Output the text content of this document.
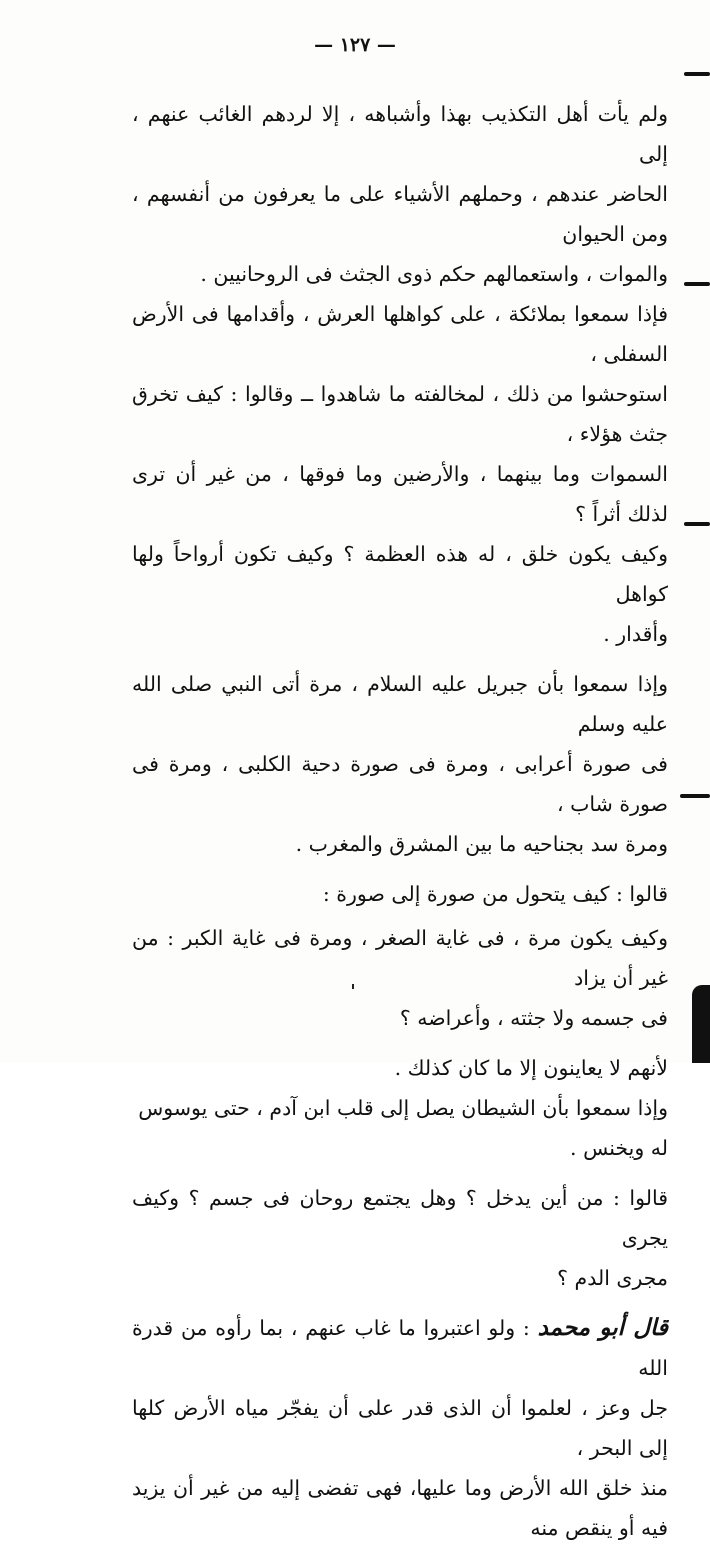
— ١٢٧ —

ولم يأت أهل التكذيب بهذا وأشباهه ، إلا لردهم الغائب عنهم ، إلى
الحاضر عندهم ، وحملهم الأشياء على ما يعرفون من أنفسهم ، ومن الحيوان
والموات ، واستعمالهم حكم ذوى الجثث فى الروحانيين .

فإذا سمعوا بملائكة ، على كواهلها العرش ، وأقدامها فى الأرض السفلى ،
استوحشوا من ذلك ، لمخالفته ما شاهدوا ــ وقالوا : كيف تخرق جثث هؤلاء ،
السموات وما بينهما ، والأرضين وما فوقها ، من غير أن ترى لذلك أثراً ؟

وكيف يكون خلق ، له هذه العظمة ؟ وكيف تكون أرواحاً ولها كواهل
وأقدار .

وإذا سمعوا بأن جبريل عليه السلام ، مرة أتى النبي صلى الله عليه وسلم
فى صورة أعرابى ، ومرة فى صورة دحية الكلبى ، ومرة فى صورة شاب ،
ومرة سد بجناحيه ما بين المشرق والمغرب .

قالوا : كيف يتحول من صورة إلى صورة :

وكيف يكون مرة ، فى غاية الصغر ، ومرة فى غاية الكبر : من غير أن يزاد
فى جسمه ولا جثته ، وأعراضه ؟

لأنهم لا يعاينون إلا ما كان كذلك .

وإذا سمعوا بأن الشيطان يصل إلى قلب ابن آدم ، حتى يوسوس
له ويخنس .

قالوا : من أين يدخل ؟ وهل يجتمع روحان فى جسم ؟ وكيف يجرى
مجرى الدم ؟

قال أبو محمد : ولو اعتبروا ما غاب عنهم ، بما رأوه من قدرة الله
جل وعز ، لعلموا أن الذى قدر على أن يفجّر مياه الأرض كلها إلى البحر ،
منذ خلق الله الأرض وما عليها، فهى تفضى إليه من غير أن يزيد فيه أو ينقص منه
